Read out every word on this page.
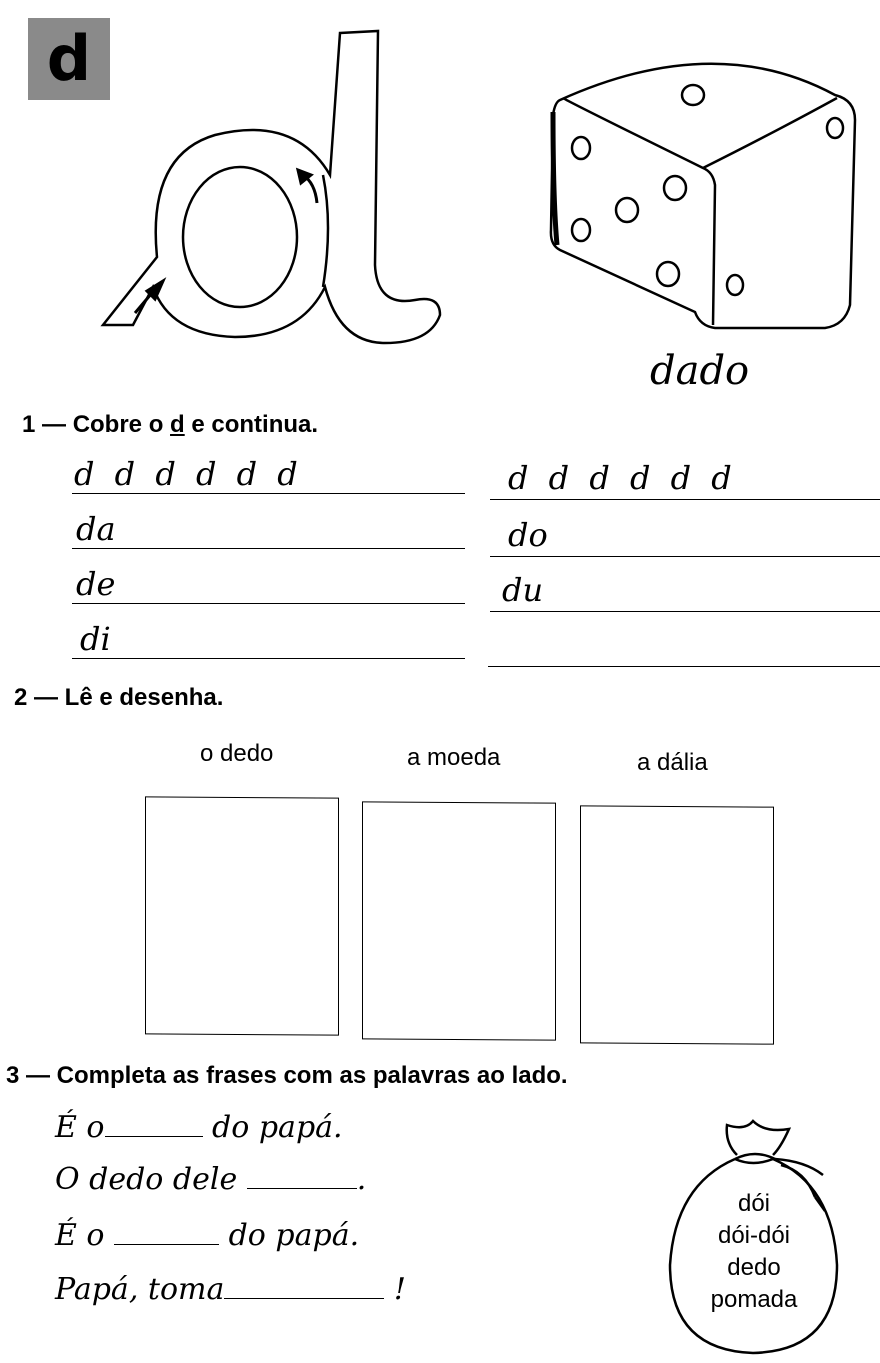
d
dado
1 — Cobre o d e continua.
d d d d d d	d d d d d d
da	do
de	du
di
2 — Lê e desenha.
o dedo	a moeda	a dália
3 — Completa as frases com as palavras ao lado.
É o	do papá.
O dedo dele	.
É o	do papá.
Papá, toma	!
dói
dói-dói
dedo
pomada
